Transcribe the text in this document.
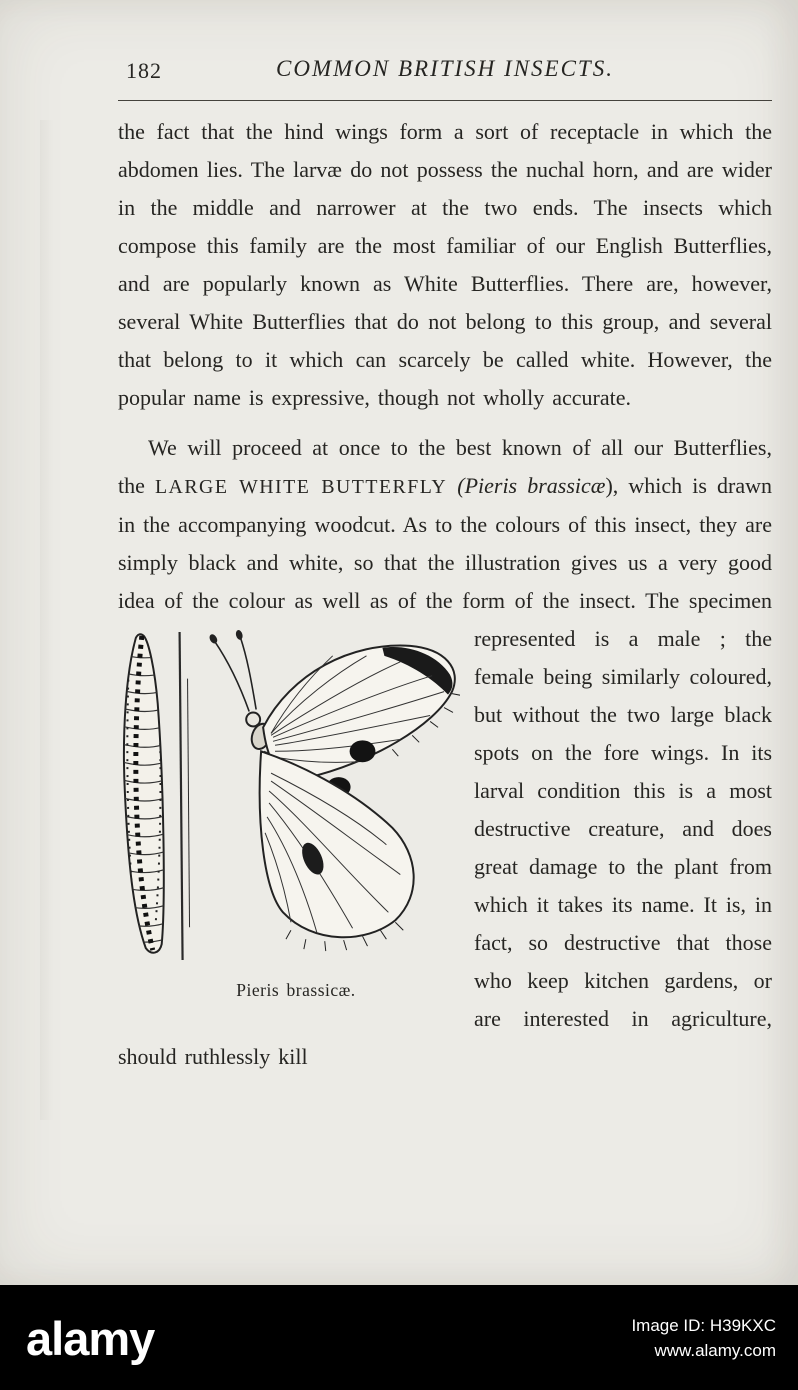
182	COMMON BRITISH INSECTS.

the fact that the hind wings form a sort of receptacle in which the abdomen lies. The larvæ do not possess the nuchal horn, and are wider in the middle and narrower at the two ends. The insects which compose this family are the most familiar of our English Butterflies, and are popularly known as White Butterflies. There are, however, several White Butterflies that do not belong to this group, and several that belong to it which can scarcely be called white. However, the popular name is expressive, though not wholly accurate.

We will proceed at once to the best known of all our Butterflies, the LARGE WHITE BUTTERFLY (Pieris brassicæ), which is drawn in the accompanying woodcut. As to the colours of this insect, they are simply black and white, so that the illustration gives us a very good idea of the colour as well as of the
Pieris brassicæ.
form of the insect. The specimen represented is a male ; the female being similarly coloured, but without the two large black spots on the fore wings. In its larval condition this is a most destructive creature, and does great damage to the plant from which it takes its name. It is, in fact, so destructive that those who keep kitchen gardens, or are interested in agriculture, should ruthlessly kill

alamy	Image ID: H39KXC
www.alamy.com
